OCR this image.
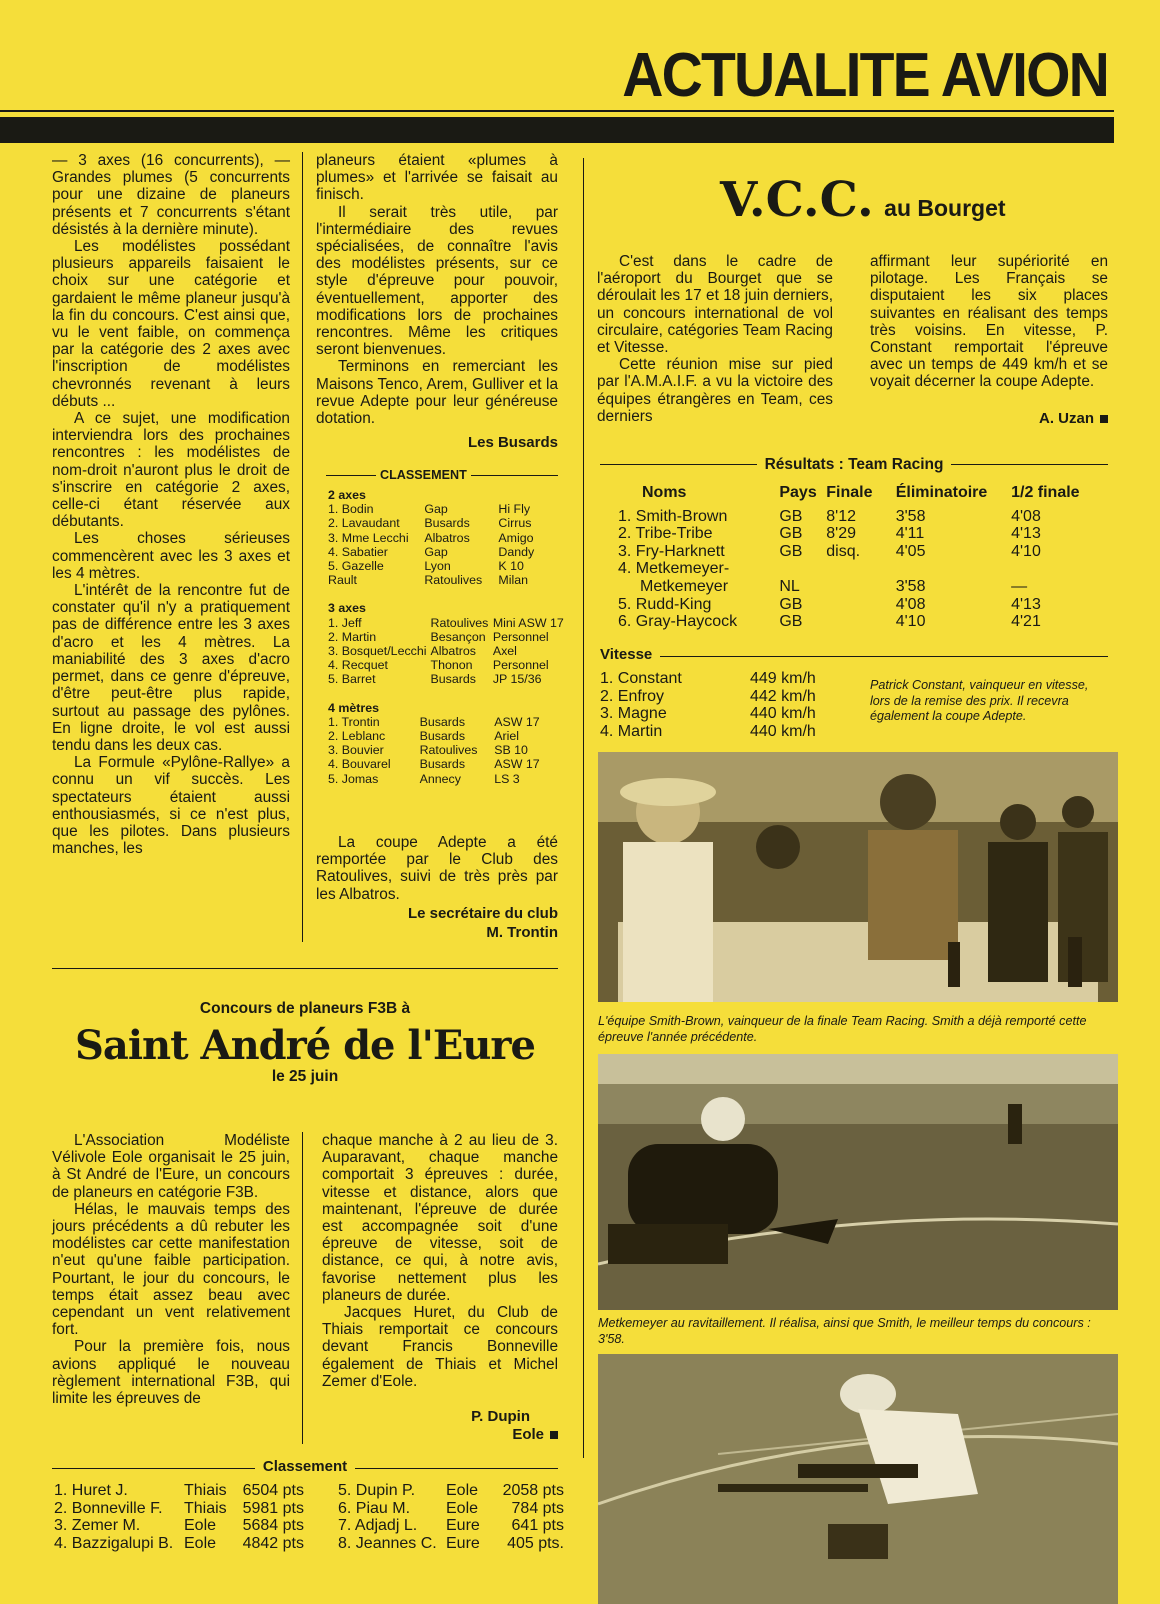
ACTUALITE AVION

— 3 axes (16 concurrents), — Grandes plumes (5 concurrents pour une dizaine de planeurs présents et 7 concurrents s'étant désistés à la dernière minute).

Les modélistes possédant plusieurs appareils faisaient le choix sur une catégorie et gardaient le même planeur jusqu'à la fin du concours. C'est ainsi que, vu le vent faible, on commença par la catégorie des 2 axes avec l'inscription de modélistes chevronnés revenant à leurs débuts ...

A ce sujet, une modification interviendra lors des prochaines rencontres : les modélistes de nom-droit n'auront plus le droit de s'inscrire en catégorie 2 axes, celle-ci étant réservée aux débutants.

Les choses sérieuses commencèrent avec les 3 axes et les 4 mètres.

L'intérêt de la rencontre fut de constater qu'il n'y a pratiquement pas de différence entre les 3 axes d'acro et les 4 mètres. La maniabilité des 3 axes d'acro permet, dans ce genre d'épreuve, d'être peut-être plus rapide, surtout au passage des pylônes. En ligne droite, le vol est aussi tendu dans les deux cas.

La Formule «Pylône-Rallye» a connu un vif succès. Les spectateurs étaient aussi enthousiasmés, si ce n'est plus, que les pilotes. Dans plusieurs manches, les

planeurs étaient «plumes à plumes» et l'arrivée se faisait au finisch.

Il serait très utile, par l'intermédiaire des revues spécialisées, de connaître l'avis des modélistes présents, sur ce style d'épreuve pour pouvoir, éventuellement, apporter des modifications lors de prochaines rencontres. Même les critiques seront bienvenues.

Terminons en remerciant les Maisons Tenco, Arem, Gulliver et la revue Adepte pour leur généreuse dotation.

Les Busards
CLASSEMENT
2 axes
1. Bodin	Gap	Hi Fly
2. Lavaudant	Busards	Cirrus
3. Mme Lecchi	Albatros	Amigo
4. Sabatier	Gap	Dandy
5. Gazelle	Lyon	K 10
Rault	Ratoulives	Milan
3 axes
1. Jeff	Ratoulives	Mini ASW 17
2. Martin	Besançon	Personnel
3. Bosquet/Lecchi	Albatros	Axel
4. Recquet	Thonon	Personnel
5. Barret	Busards	JP 15/36
4 mètres
1. Trontin	Busards	ASW 17
2. Leblanc	Busards	Ariel
3. Bouvier	Ratoulives	SB 10
4. Bouvarel	Busards	ASW 17
5. Jomas	Annecy	LS 3

La coupe Adepte a été remportée par le Club des Ratoulives, suivi de très près par les Albatros.

Le secrétaire du club
M. Trontin
V.C.C. au Bourget

C'est dans le cadre de l'aéroport du Bourget que se déroulait les 17 et 18 juin derniers, un concours international de vol circulaire, catégories Team Racing et Vitesse.

Cette réunion mise sur pied par l'A.M.A.I.F. a vu la victoire des équipes étrangères en Team, ces derniers

affirmant leur supériorité en pilotage. Les Français se disputaient les six places suivantes en réalisant des temps très voisins. En vitesse, P. Constant remportait l'épreuve avec un temps de 449 km/h et se voyait décerner la coupe Adepte.

A. Uzan
Résultats : Team Racing
Noms	Pays	Finale	Éliminatoire	1/2 finale
1. Smith-Brown	GB	8'12	3'58	4'08
2. Tribe-Tribe	GB	8'29	4'11	4'13
3. Fry-Harknett	GB	disq.	4'05	4'10
4. Metkemeyer-				
Metkemeyer	NL		3'58	—
5. Rudd-King	GB		4'08	4'13
6. Gray-Haycock	GB		4'10	4'21
Vitesse
1. Constant	449 km/h
2. Enfroy	442 km/h
3. Magne	440 km/h
4. Martin	440 km/h
Patrick Constant, vainqueur en vitesse, lors de la remise des prix. Il recevra également la coupe Adepte.
L'équipe Smith-Brown, vainqueur de la finale Team Racing. Smith a déjà remporté cette épreuve l'année précédente.
Metkemeyer au ravitaillement. Il réalisa, ainsi que Smith, le meilleur temps du concours : 3'58.
Concours de planeurs F3B à
Saint André de l'Eure
le 25 juin

L'Association Modéliste Vélivole Eole organisait le 25 juin, à St André de l'Eure, un concours de planeurs en catégorie F3B.

Hélas, le mauvais temps des jours précédents a dû rebuter les modélistes car cette manifestation n'eut qu'une faible participation. Pourtant, le jour du concours, le temps était assez beau avec cependant un vent relativement fort.

Pour la première fois, nous avions appliqué le nouveau règlement international F3B, qui limite les épreuves de

chaque manche à 2 au lieu de 3. Auparavant, chaque manche comportait 3 épreuves : durée, vitesse et distance, alors que maintenant, l'épreuve de durée est accompagnée soit d'une épreuve de vitesse, soit de distance, ce qui, à notre avis, favorise nettement plus les planeurs de durée.

Jacques Huret, du Club de Thiais remportait ce concours devant Francis Bonneville également de Thiais et Michel Zemer d'Eole.

P. Dupin
Eole
Classement
1. Huret J.	Thiais	6504 pts
2. Bonneville F.	Thiais	5981 pts
3. Zemer M.	Eole	5684 pts
4. Bazzigalupi B.	Eole	4842 pts
5. Dupin P.	Eole	2058 pts
6. Piau M.	Eole	784 pts
7. Adjadj L.	Eure	641 pts
8. Jeannes C.	Eure	405 pts.
